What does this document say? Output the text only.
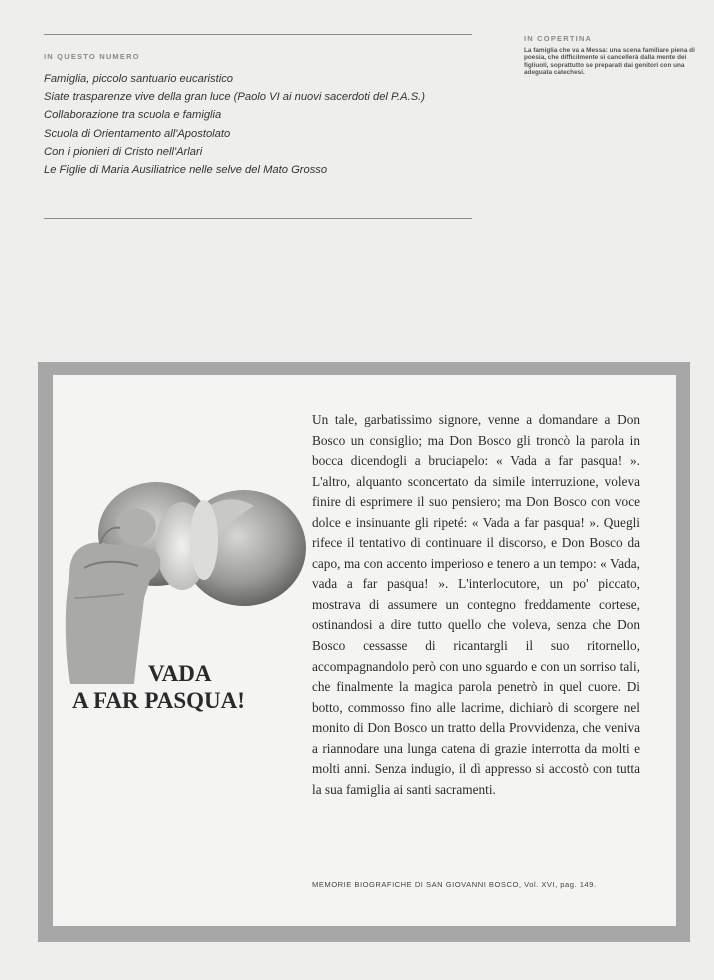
IN QUESTO NUMERO
Famiglia, piccolo santuario eucaristico
Siate trasparenze vive della gran luce (Paolo VI ai nuovi sacerdoti del P.A.S.)
Collaborazione tra scuola e famiglia
Scuola di Orientamento all'Apostolato
Con i pionieri di Cristo nell'Arlari
Le Figlie di Maria Ausiliatrice nelle selve del Mato Grosso
IN COPERTINA

La famiglia che va a Messa: una scena familiare piena di poesia, che difficilmente si cancellerà dalla mente dei figliuoli, soprattutto se preparati dai genitori con una adeguata catechesi.

VADA
A FAR PASQUA!

Un tale, garbatissimo signore, venne a domandare a Don Bosco un consiglio; ma Don Bosco gli troncò la parola in bocca dicendogli a bruciapelo: « Vada a far pasqua! ». L'altro, alquanto sconcertato da simile interruzione, voleva finire di esprimere il suo pensiero; ma Don Bosco con voce dolce e insinuante gli ripeté: « Vada a far pasqua! ». Quegli rifece il tentativo di continuare il discorso, e Don Bosco da capo, ma con accento imperioso e tenero a un tempo: « Vada, vada a far pasqua! ». L'interlocutore, un po' piccato, mostrava di assumere un contegno freddamente cortese, ostinandosi a dire tutto quello che voleva, senza che Don Bosco cessasse di ricantargli il suo ritornello, accompagnandolo però con uno sguardo e con un sorriso tali, che finalmente la magica parola penetrò in quel cuore. Di botto, commosso fino alle lacrime, dichiarò di scorgere nel monito di Don Bosco un tratto della Provvidenza, che veniva a riannodare una lunga catena di grazie interrotta da molti e molti anni. Senza indugio, il dì appresso si accostò con tutta la sua famiglia ai santi sacramenti.

MEMORIE BIOGRAFICHE DI SAN GIOVANNI BOSCO, Vol. XVI, pag. 149.
